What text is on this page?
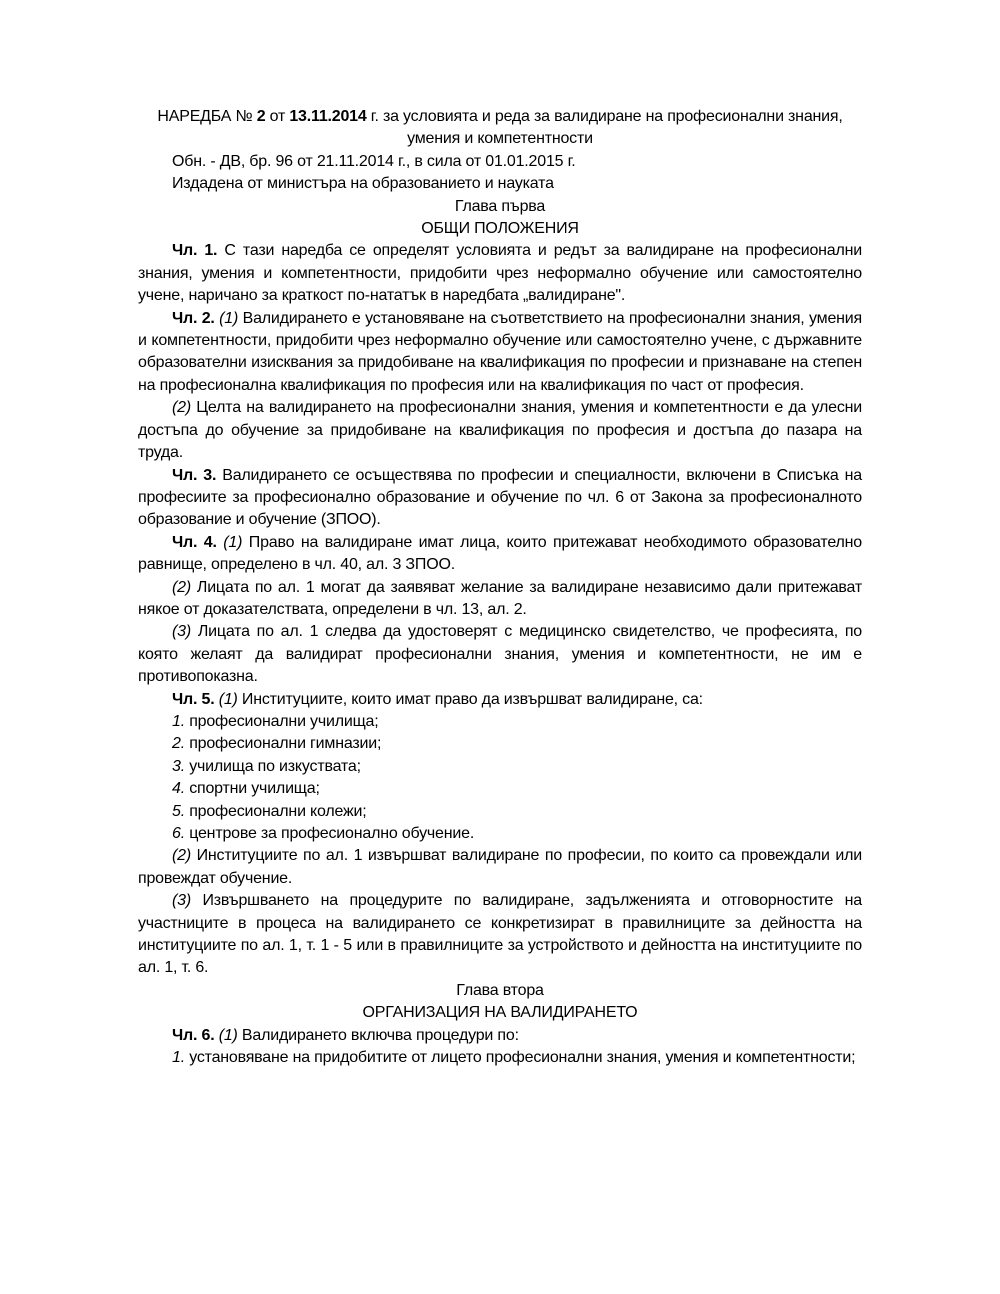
НАРЕДБА № 2 от 13.11.2014 г. за условията и реда за валидиране на професионални знания, умения и компетентности

Обн. - ДВ, бр. 96 от 21.11.2014 г., в сила от 01.01.2015 г.

Издадена от министъра на образованието и науката

Глава първа

ОБЩИ ПОЛОЖЕНИЯ

Чл. 1. С тази наредба се определят условията и редът за валидиране на професионални знания, умения и компетентности, придобити чрез неформално обучение или самостоятелно учене, наричано за краткост по-нататък в наредбата „валидиране".

Чл. 2. (1) Валидирането е установяване на съответствието на професионални знания, умения и компетентности, придобити чрез неформално обучение или самостоятелно учене, с държавните образователни изисквания за придобиване на квалификация по професии и признаване на степен на професионална квалификация по професия или на квалификация по част от професия.

(2) Целта на валидирането на професионални знания, умения и компетентности е да улесни достъпа до обучение за придобиване на квалификация по професия и достъпа до пазара на труда.

Чл. 3. Валидирането се осъществява по професии и специалности, включени в Списъка на професиите за професионално образование и обучение по чл. 6 от Закона за професионалното образование и обучение (ЗПОО).

Чл. 4. (1) Право на валидиране имат лица, които притежават необходимото образователно равнище, определено в чл. 40, ал. 3 ЗПОО.

(2) Лицата по ал. 1 могат да заявяват желание за валидиране независимо дали притежават някое от доказателствата, определени в чл. 13, ал. 2.

(3) Лицата по ал. 1 следва да удостоверят с медицинско свидетелство, че професията, по която желаят да валидират професионални знания, умения и компетентности, не им е противопоказна.

Чл. 5. (1) Институциите, които имат право да извършват валидиране, са:

1. професионални училища;

2. професионални гимназии;

3. училища по изкуствата;

4. спортни училища;

5. професионални колежи;

6. центрове за професионално обучение.

(2) Институциите по ал. 1 извършват валидиране по професии, по които са провеждали или провеждат обучение.

(3) Извършването на процедурите по валидиране, задълженията и отговорностите на участниците в процеса на валидирането се конкретизират в правилниците за дейността на институциите по ал. 1, т. 1 - 5 или в правилниците за устройството и дейността на институциите по ал. 1, т. 6.

Глава втора

ОРГАНИЗАЦИЯ НА ВАЛИДИРАНЕТО

Чл. 6. (1) Валидирането включва процедури по:

1. установяване на придобитите от лицето професионални знания, умения и компетентности;
